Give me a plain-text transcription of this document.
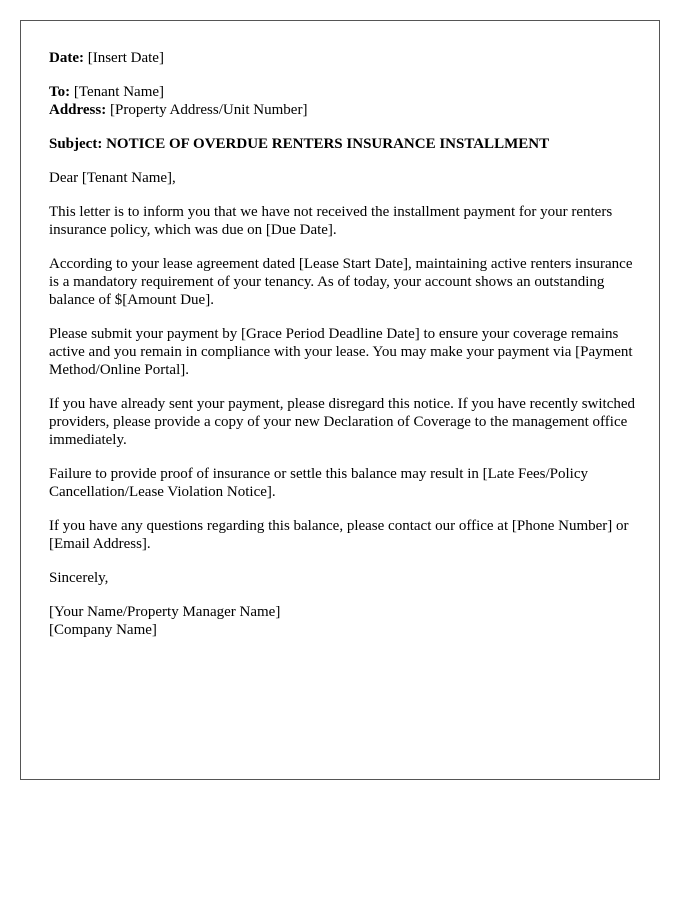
Date: [Insert Date]
To: [Tenant Name]
Address: [Property Address/Unit Number]
Subject: NOTICE OF OVERDUE RENTERS INSURANCE INSTALLMENT

Dear [Tenant Name],

This letter is to inform you that we have not received the installment payment for your renters insurance policy, which was due on [Due Date].

According to your lease agreement dated [Lease Start Date], maintaining active renters insurance is a mandatory requirement of your tenancy. As of today, your account shows an outstanding balance of $[Amount Due].

Please submit your payment by [Grace Period Deadline Date] to ensure your coverage remains active and you remain in compliance with your lease. You may make your payment via [Payment Method/Online Portal].

If you have already sent your payment, please disregard this notice. If you have recently switched providers, please provide a copy of your new Declaration of Coverage to the management office immediately.

Failure to provide proof of insurance or settle this balance may result in [Late Fees/Policy Cancellation/Lease Violation Notice].

If you have any questions regarding this balance, please contact our office at [Phone Number] or [Email Address].

Sincerely,

[Your Name/Property Manager Name]
[Company Name]
